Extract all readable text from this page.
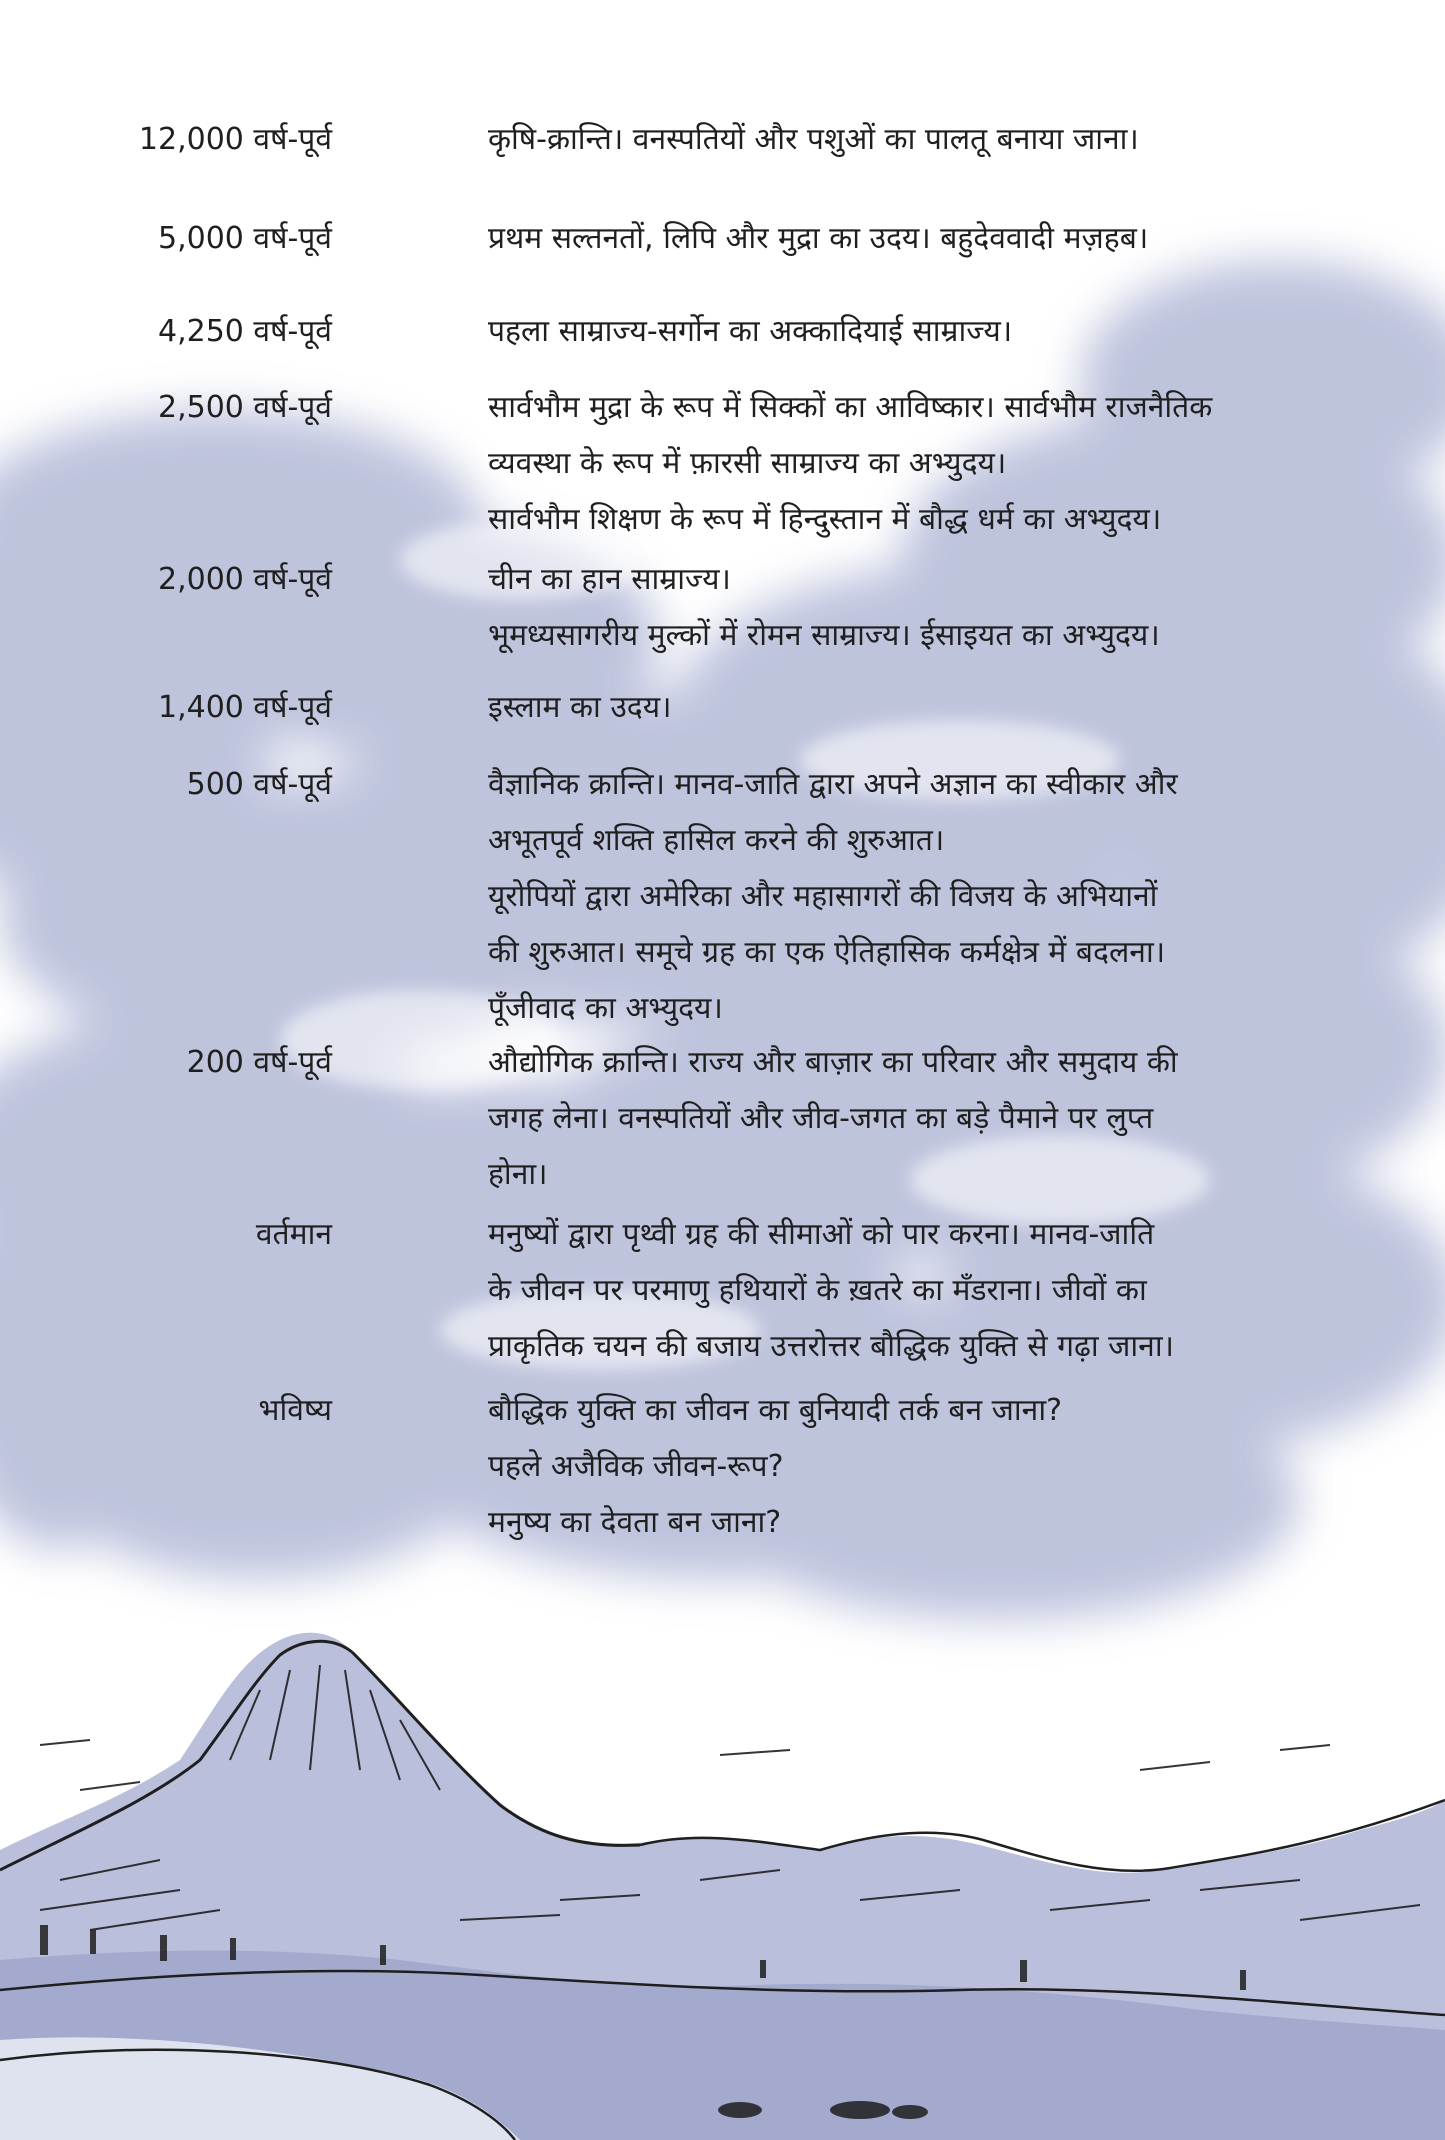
12,000 वर्ष-पूर्व	कृषि-क्रान्ति। वनस्पतियों और पशुओं का पालतू बनाया जाना।
5,000 वर्ष-पूर्व	प्रथम सल्तनतों, लिपि और मुद्रा का उदय। बहुदेववादी मज़हब।
4,250 वर्ष-पूर्व	पहला साम्राज्य-सर्गोन का अक्कादियाई साम्राज्य।
2,500 वर्ष-पूर्व	सार्वभौम मुद्रा के रूप में सिक्कों का आविष्कार। सार्वभौम राजनैतिक
व्यवस्था के रूप में फ़ारसी साम्राज्य का अभ्युदय।
सार्वभौम शिक्षण के रूप में हिन्दुस्तान में बौद्ध धर्म का अभ्युदय।
2,000 वर्ष-पूर्व	चीन का हान साम्राज्य।
भूमध्यसागरीय मुल्कों में रोमन साम्राज्य। ईसाइयत का अभ्युदय।
1,400 वर्ष-पूर्व	इस्लाम का उदय।
500 वर्ष-पूर्व	वैज्ञानिक क्रान्ति। मानव-जाति द्वारा अपने अज्ञान का स्वीकार और
अभूतपूर्व शक्ति हासिल करने की शुरुआत।
यूरोपियों द्वारा अमेरिका और महासागरों की विजय के अभियानों
की शुरुआत। समूचे ग्रह का एक ऐतिहासिक कर्मक्षेत्र में बदलना।
पूँजीवाद का अभ्युदय।
200 वर्ष-पूर्व	औद्योगिक क्रान्ति। राज्य और बाज़ार का परिवार और समुदाय की
जगह लेना। वनस्पतियों और जीव-जगत का बड़े पैमाने पर लुप्त
होना।
वर्तमान	मनुष्यों द्वारा पृथ्वी ग्रह की सीमाओं को पार करना। मानव-जाति
के जीवन पर परमाणु हथियारों के ख़तरे का मँडराना। जीवों का
प्राकृतिक चयन की बजाय उत्तरोत्तर बौद्धिक युक्ति से गढ़ा जाना।
भविष्य	बौद्धिक युक्ति का जीवन का बुनियादी तर्क बन जाना?
पहले अजैविक जीवन-रूप?
मनुष्य का देवता बन जाना?
